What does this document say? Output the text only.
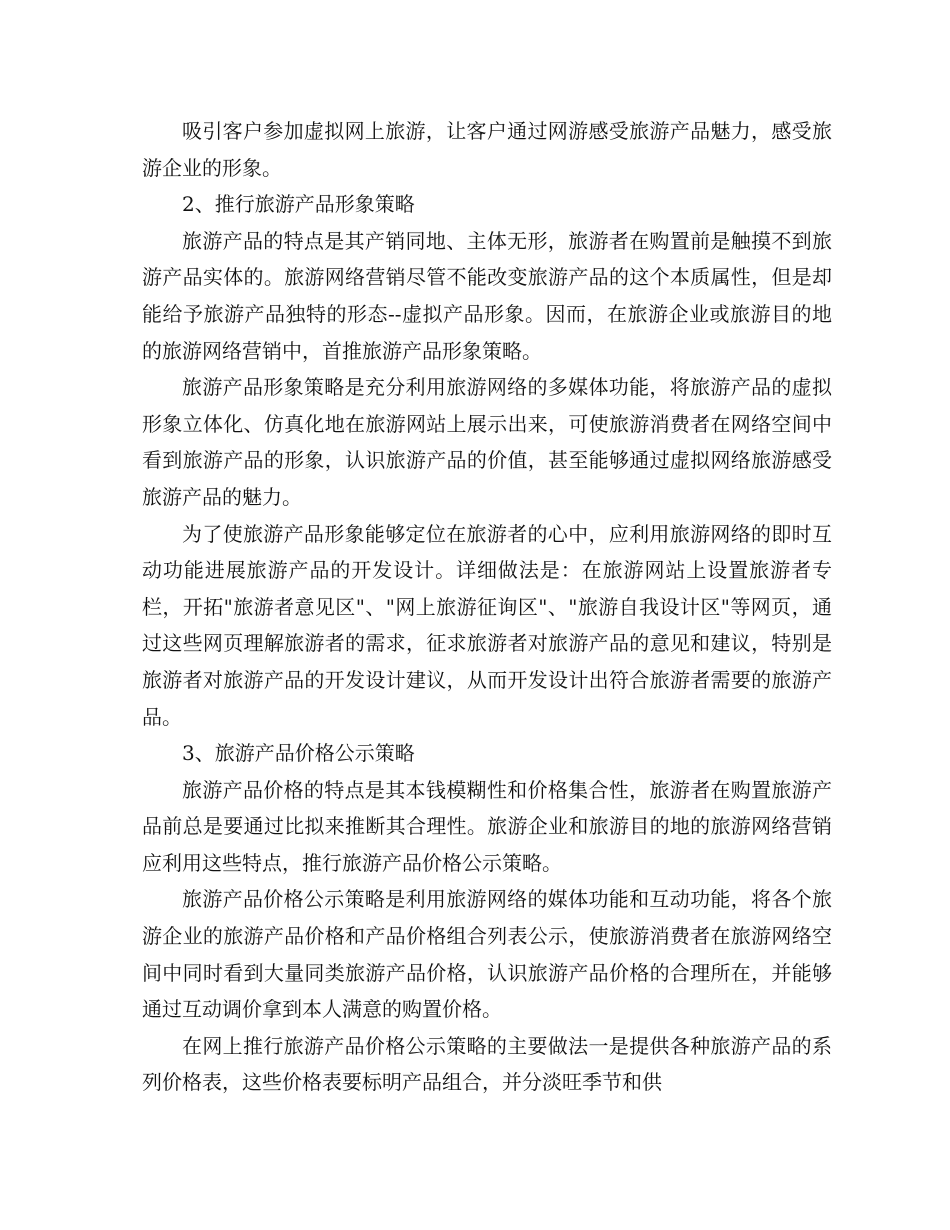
吸引客户参加虚拟网上旅游，让客户通过网游感受旅游产品魅力，感受旅游企业的形象。

2、推行旅游产品形象策略

旅游产品的特点是其产销同地、主体无形，旅游者在购置前是触摸不到旅游产品实体的。旅游网络营销尽管不能改变旅游产品的这个本质属性，但是却能给予旅游产品独特的形态--虚拟产品形象。因而，在旅游企业或旅游目的地的旅游网络营销中，首推旅游产品形象策略。

旅游产品形象策略是充分利用旅游网络的多媒体功能，将旅游产品的虚拟形象立体化、仿真化地在旅游网站上展示出来，可使旅游消费者在网络空间中看到旅游产品的形象，认识旅游产品的价值，甚至能够通过虚拟网络旅游感受旅游产品的魅力。

为了使旅游产品形象能够定位在旅游者的心中，应利用旅游网络的即时互动功能进展旅游产品的开发设计。详细做法是：在旅游网站上设置旅游者专栏，开拓"旅游者意见区"、"网上旅游征询区"、"旅游自我设计区"等网页，通过这些网页理解旅游者的需求，征求旅游者对旅游产品的意见和建议，特别是旅游者对旅游产品的开发设计建议，从而开发设计出符合旅游者需要的旅游产品。

3、旅游产品价格公示策略

旅游产品价格的特点是其本钱模糊性和价格集合性，旅游者在购置旅游产品前总是要通过比拟来推断其合理性。旅游企业和旅游目的地的旅游网络营销应利用这些特点，推行旅游产品价格公示策略。

旅游产品价格公示策略是利用旅游网络的媒体功能和互动功能，将各个旅游企业的旅游产品价格和产品价格组合列表公示，使旅游消费者在旅游网络空间中同时看到大量同类旅游产品价格，认识旅游产品价格的合理所在，并能够通过互动调价拿到本人满意的购置价格。

在网上推行旅游产品价格公示策略的主要做法一是提供各种旅游产品的系列价格表，这些价格表要标明产品组合，并分淡旺季节和供
